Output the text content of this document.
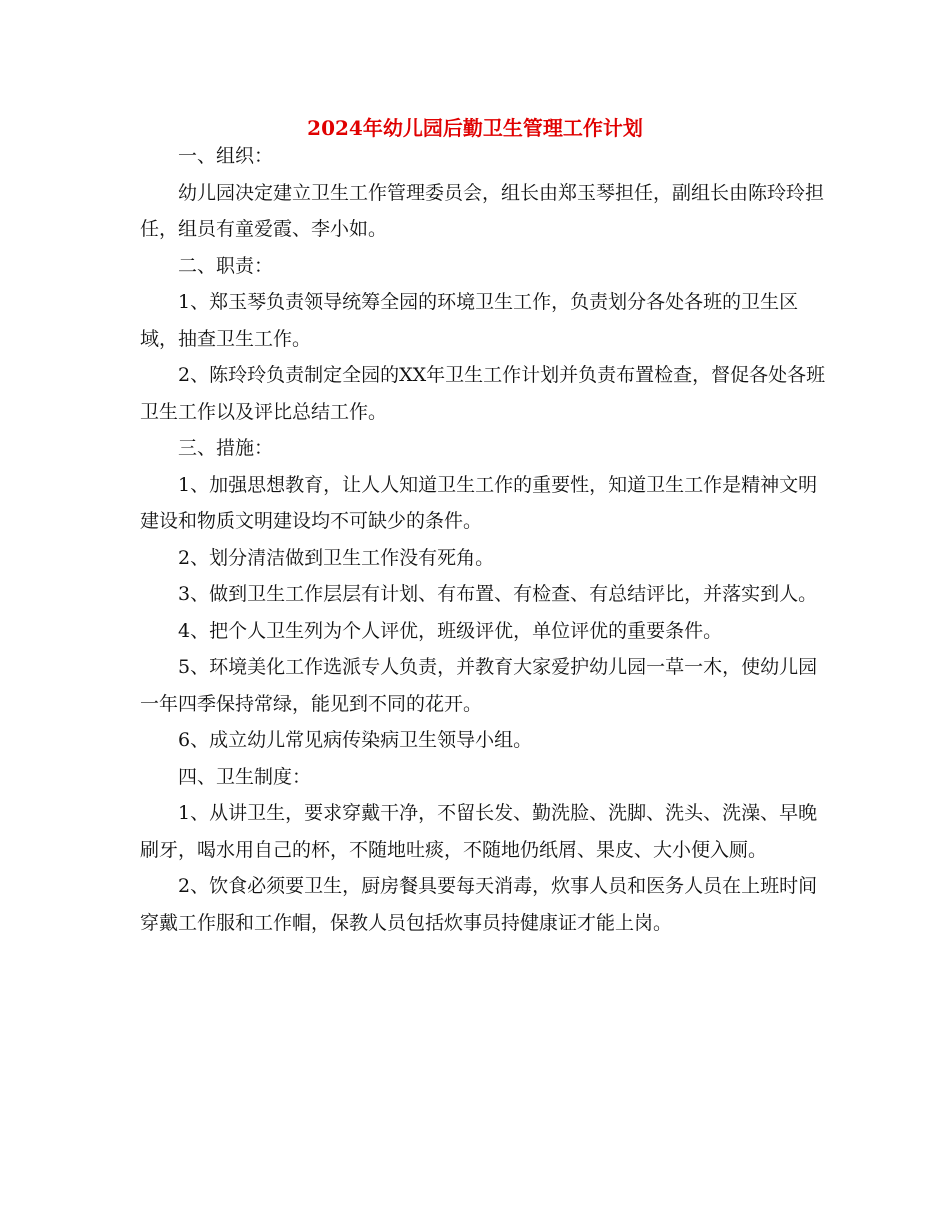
2024年幼儿园后勤卫生管理工作计划

一、组织：

幼儿园决定建立卫生工作管理委员会，组长由郑玉琴担任，副组长由陈玲玲担任，组员有童爱霞、李小如。

二、职责：

1、郑玉琴负责领导统筹全园的环境卫生工作，负责划分各处各班的卫生区域，抽查卫生工作。

2、陈玲玲负责制定全园的XX年卫生工作计划并负责布置检查，督促各处各班卫生工作以及评比总结工作。

三、措施：

1、加强思想教育，让人人知道卫生工作的重要性，知道卫生工作是精神文明建设和物质文明建设均不可缺少的条件。

2、划分清洁做到卫生工作没有死角。

3、做到卫生工作层层有计划、有布置、有检查、有总结评比，并落实到人。

4、把个人卫生列为个人评优，班级评优，单位评优的重要条件。

5、环境美化工作选派专人负责，并教育大家爱护幼儿园一草一木，使幼儿园一年四季保持常绿，能见到不同的花开。

6、成立幼儿常见病传染病卫生领导小组。

四、卫生制度：

1、从讲卫生，要求穿戴干净，不留长发、勤洗脸、洗脚、洗头、洗澡、早晚刷牙，喝水用自己的杯，不随地吐痰，不随地仍纸屑、果皮、大小便入厕。

2、饮食必须要卫生，厨房餐具要每天消毒，炊事人员和医务人员在上班时间穿戴工作服和工作帽，保教人员包括炊事员持健康证才能上岗。
